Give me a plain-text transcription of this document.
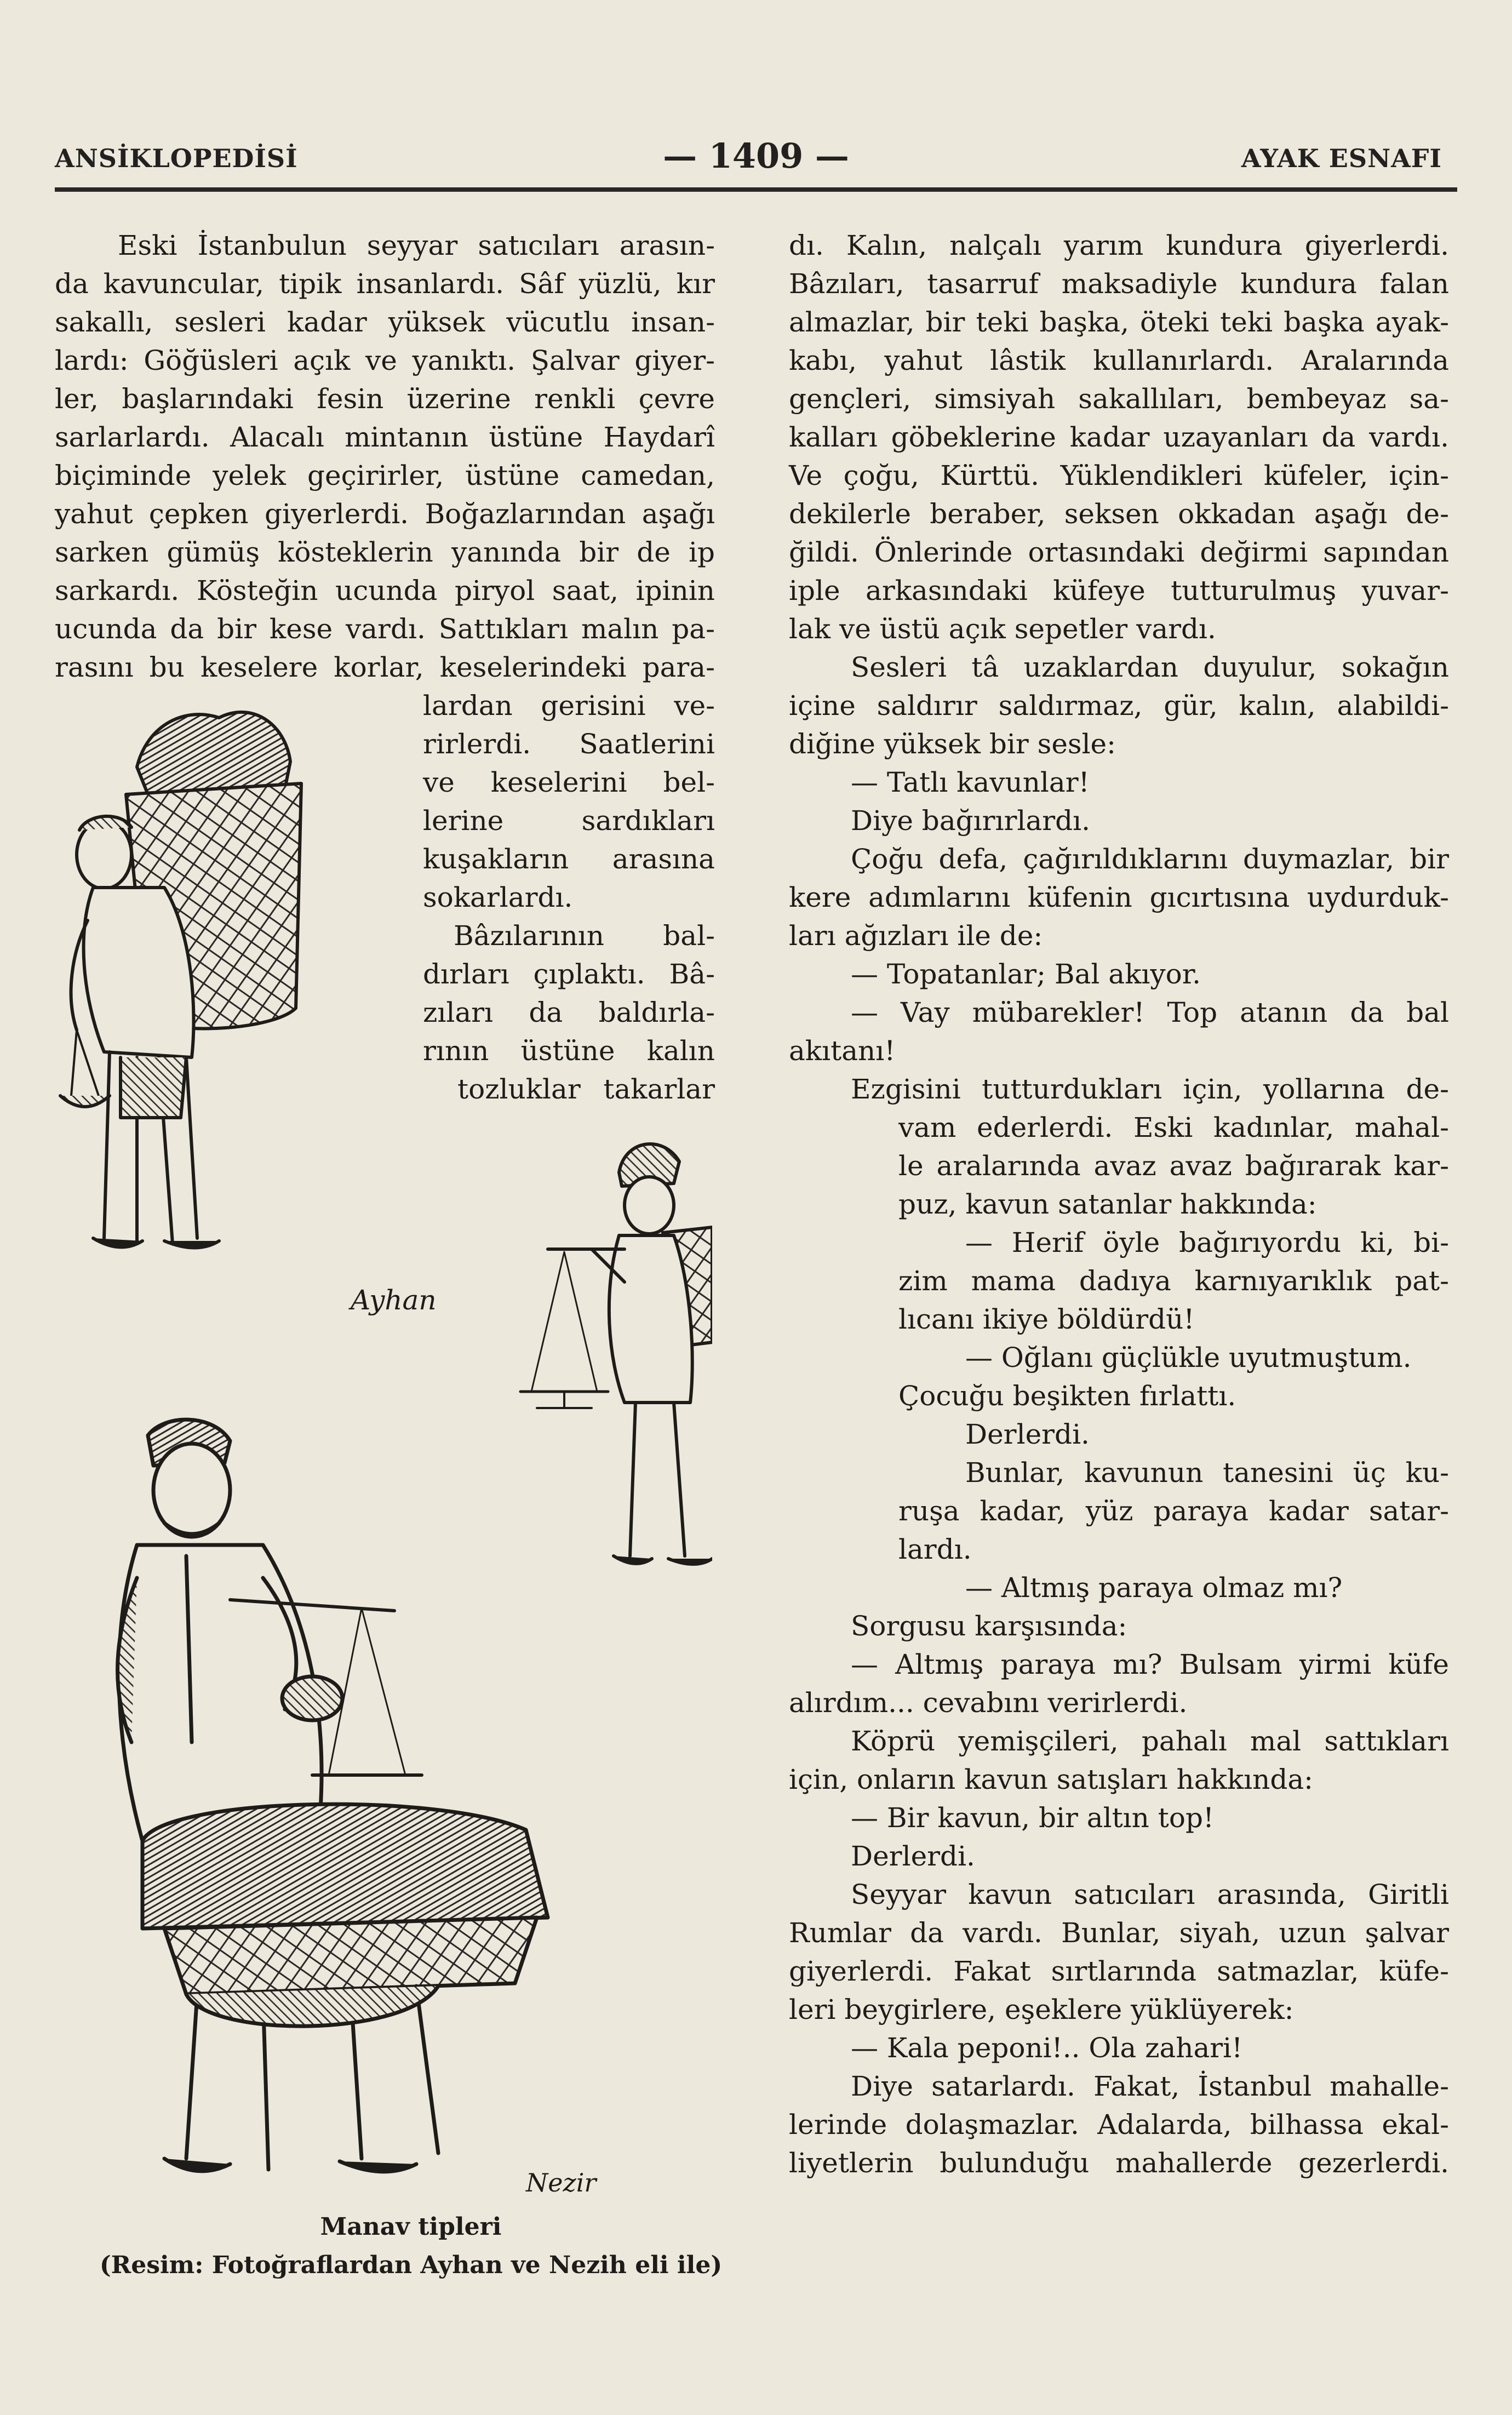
ANSİKLOPEDİSİ	— 1409 —	AYAK ESNAFI
Eski İstanbulun seyyar satıcıları arasın-
da kavuncular, tipik insanlardı. Sâf yüzlü, kır
sakallı, sesleri kadar yüksek vücutlu insan-
lardı: Göğüsleri açık ve yanıktı. Şalvar giyer-
ler, başlarındaki fesin üzerine renkli çevre
sarlarlardı. Alacalı mintanın üstüne Haydarî
biçiminde yelek geçirirler, üstüne camedan,
yahut çepken giyerlerdi. Boğazlarından aşağı
sarken gümüş kösteklerin yanında bir de ip
sarkardı. Kösteğin ucunda piryol saat, ipinin
ucunda da bir kese vardı. Sattıkları malın pa-
rasını bu keselere korlar, keselerindeki para-
lardan gerisini ve-
rirlerdi. Saatlerini
ve keselerini bel-
lerine sardıkları
kuşakların arasına
sokarlardı.
Bâzılarının bal-
dırları çıplaktı. Bâ-
zıları da baldırla-
rının üstüne kalın
tozluklar takarlar
dı. Kalın, nalçalı yarım kundura giyerlerdi.
Bâzıları, tasarruf maksadiyle kundura falan
almazlar, bir teki başka, öteki teki başka ayak-
kabı, yahut lâstik kullanırlardı. Aralarında
gençleri, simsiyah sakallıları, bembeyaz sa-
kalları göbeklerine kadar uzayanları da vardı.
Ve çoğu, Kürttü. Yüklendikleri küfeler, için-
dekilerle beraber, seksen okkadan aşağı de-
ğildi. Önlerinde ortasındaki değirmi sapından
iple arkasındaki küfeye tutturulmuş yuvar-
lak ve üstü açık sepetler vardı.
Sesleri tâ uzaklardan duyulur, sokağın
içine saldırır saldırmaz, gür, kalın, alabildi-
diğine yüksek bir sesle:
— Tatlı kavunlar!
Diye bağırırlardı.
Çoğu defa, çağırıldıklarını duymazlar, bir
kere adımlarını küfenin gıcırtısına uydurduk-
ları ağızları ile de:
— Topatanlar; Bal akıyor.
— Vay mübarekler! Top atanın da bal
akıtanı!
Ezgisini tutturdukları için, yollarına de-
vam ederlerdi. Eski kadınlar, mahal-
le aralarında avaz avaz bağırarak kar-
puz, kavun satanlar hakkında:
— Herif öyle bağırıyordu ki, bi-
zim mama dadıya karnıyarıklık pat-
lıcanı ikiye böldürdü!
— Oğlanı güçlükle uyutmuştum.
Çocuğu beşikten fırlattı.
Derlerdi.
Bunlar, kavunun tanesini üç ku-
ruşa kadar, yüz paraya kadar satar-
lardı.
— Altmış paraya olmaz mı?
Sorgusu karşısında:
— Altmış paraya mı? Bulsam yirmi küfe
alırdım... cevabını verirlerdi.
Köprü yemişçileri, pahalı mal sattıkları
için, onların kavun satışları hakkında:
— Bir kavun, bir altın top!
Derlerdi.
Seyyar kavun satıcıları arasında, Giritli
Rumlar da vardı. Bunlar, siyah, uzun şalvar
giyerlerdi. Fakat sırtlarında satmazlar, küfe-
leri beygirlere, eşeklere yüklüyerek:
— Kala peponi!.. Ola zahari!
Diye satarlardı. Fakat, İstanbul mahalle-
lerinde dolaşmazlar. Adalarda, bilhassa ekal-
liyetlerin bulunduğu mahallerde gezerlerdi.
Ayhan
Nezir
Manav tipleri
(Resim: Fotoğraflardan Ayhan ve Nezih eli ile)
